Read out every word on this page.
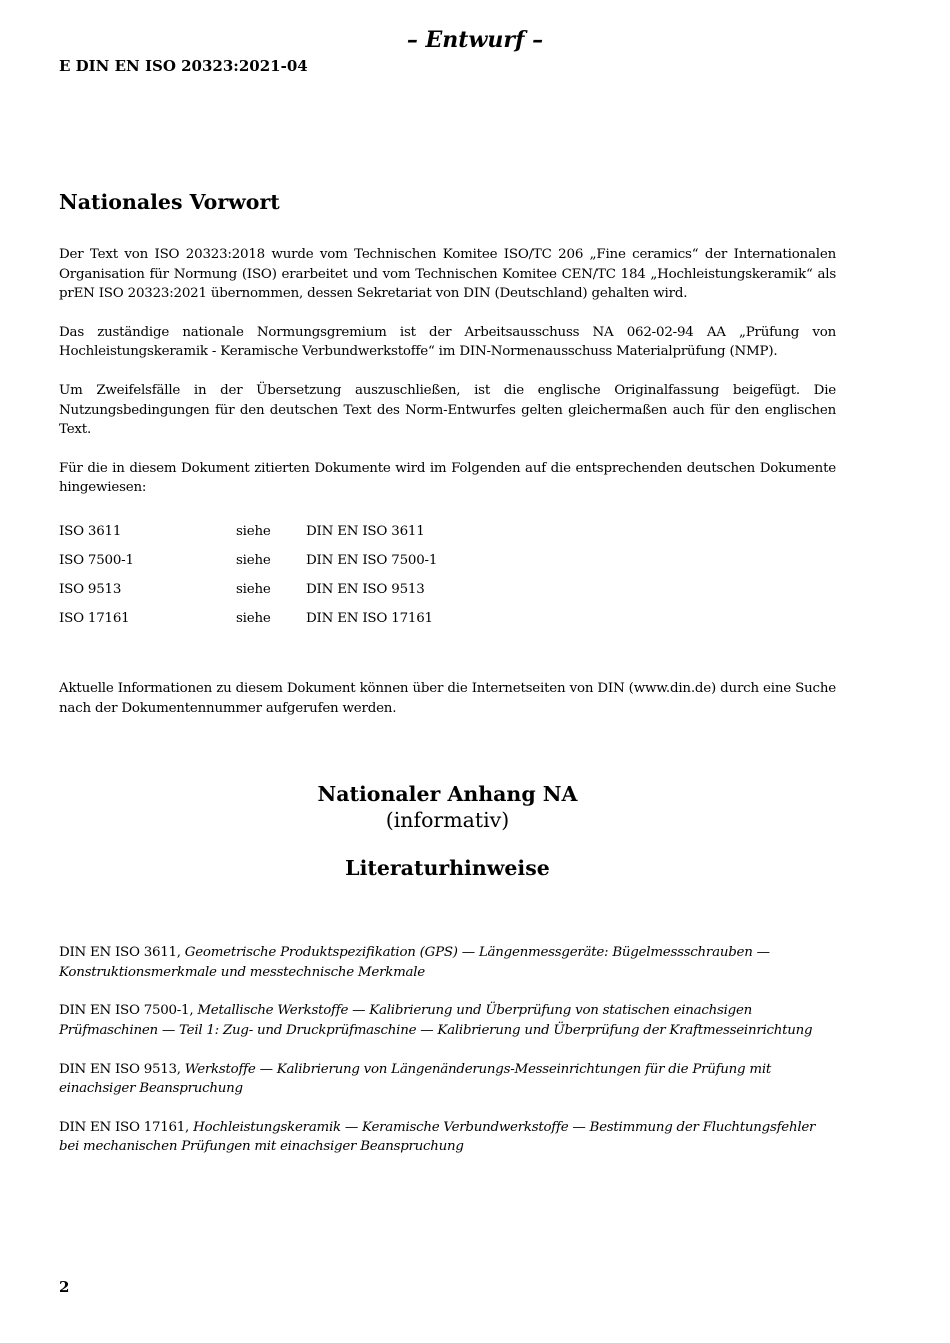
– Entwurf –
E DIN EN ISO 20323:2021-04
Nationales Vorwort

Der Text von ISO 20323:2018 wurde vom Technischen Komitee ISO/TC 206 „Fine ceramics“ der Internationalen Organisation für Normung (ISO) erarbeitet und vom Technischen Komitee CEN/TC 184 „Hochleistungskeramik“ als prEN ISO 20323:2021 übernommen, dessen Sekretariat von DIN (Deutschland) gehalten wird.

Das zuständige nationale Normungsgremium ist der Arbeitsausschuss NA 062-02-94 AA „Prüfung von Hochleistungskeramik - Keramische Verbundwerkstoffe“ im DIN-Normenausschuss Materialprüfung (NMP).

Um Zweifelsfälle in der Übersetzung auszuschließen, ist die englische Originalfassung beigefügt. Die Nutzungsbedingungen für den deutschen Text des Norm-Entwurfes gelten gleichermaßen auch für den englischen Text.

Für die in diesem Dokument zitierten Dokumente wird im Folgenden auf die entsprechenden deutschen Dokumente hingewiesen:

ISO 3611	siehe	DIN EN ISO 3611
ISO 7500-1	siehe	DIN EN ISO 7500-1
ISO 9513	siehe	DIN EN ISO 9513
ISO 17161	siehe	DIN EN ISO 17161

Aktuelle Informationen zu diesem Dokument können über die Internetseiten von DIN (www.din.de) durch eine Suche nach der Dokumentennummer aufgerufen werden.

Nationaler Anhang NA
(informativ)
Literaturhinweise

DIN EN ISO 3611, Geometrische Produktspezifikation (GPS) — Längenmessgeräte: Bügelmessschrauben — Konstruktionsmerkmale und messtechnische Merkmale

DIN EN ISO 7500-1, Metallische Werkstoffe — Kalibrierung und Überprüfung von statischen einachsigen Prüfmaschinen — Teil 1: Zug- und Druckprüfmaschine — Kalibrierung und Überprüfung der Kraftmesseinrichtung

DIN EN ISO 9513, Werkstoffe — Kalibrierung von Längenänderungs-Messeinrichtungen für die Prüfung mit einachsiger Beanspruchung

DIN EN ISO 17161, Hochleistungskeramik — Keramische Verbundwerkstoffe — Bestimmung der Fluchtungsfehler bei mechanischen Prüfungen mit einachsiger Beanspruchung

2
